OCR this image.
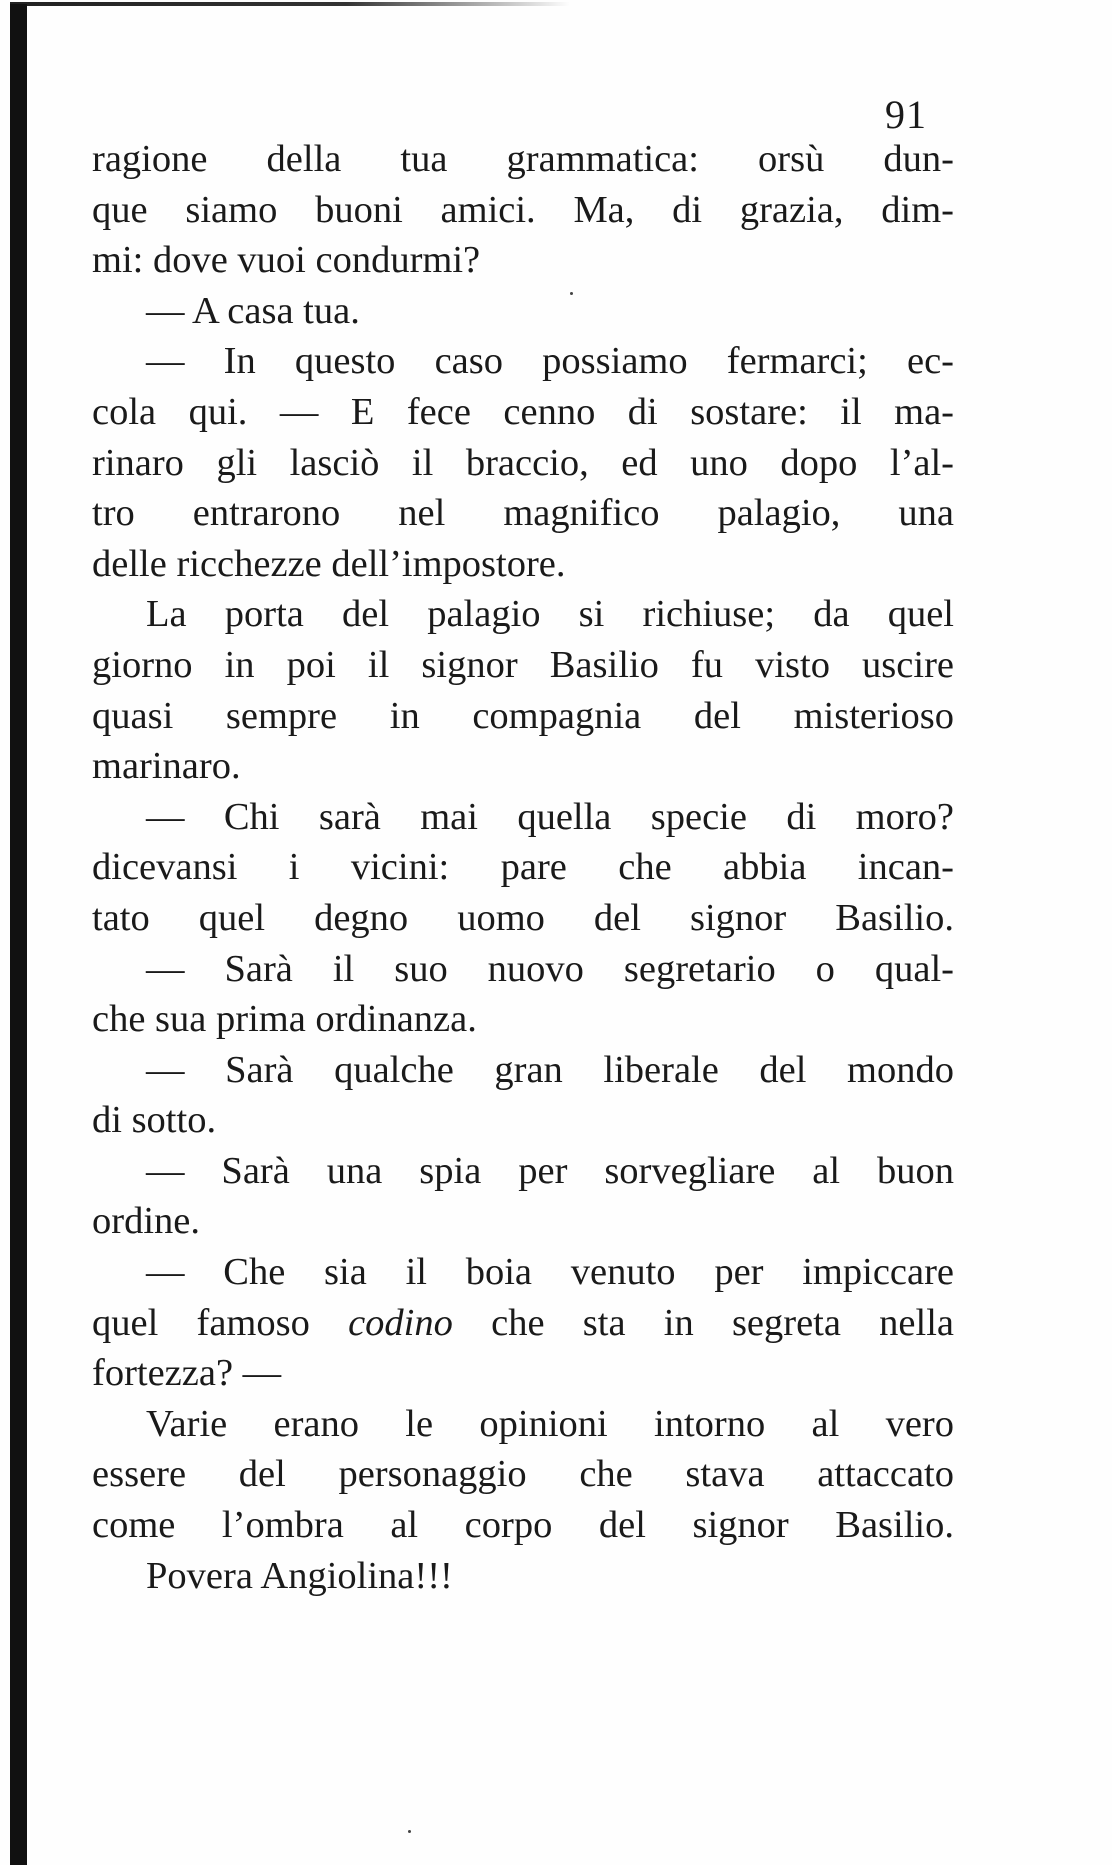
91
ragione della tua grammatica: orsù dun-
que siamo buoni amici. Ma, di grazia, dim-
mi: dove vuoi condurmi?
— A casa tua.
— In questo caso possiamo fermarci; ec-
cola qui. — E fece cenno di sostare: il ma-
rinaro gli lasciò il braccio, ed uno dopo l’al-
tro entrarono nel magnifico palagio, una
delle ricchezze dell’impostore.
La porta del palagio si richiuse; da quel
giorno in poi il signor Basilio fu visto uscire
quasi sempre in compagnia del misterioso
marinaro.
— Chi sarà mai quella specie di moro?
dicevansi i vicini: pare che abbia incan-
tato quel degno uomo del signor Basilio.
— Sarà il suo nuovo segretario o qual-
che sua prima ordinanza.
— Sarà qualche gran liberale del mondo
di sotto.
— Sarà una spia per sorvegliare al buon
ordine.
— Che sia il boia venuto per impiccare
quel famoso codino che sta in segreta nella
fortezza? —
Varie erano le opinioni intorno al vero
essere del personaggio che stava attaccato
come l’ombra al corpo del signor Basilio.
Povera Angiolina!!!
